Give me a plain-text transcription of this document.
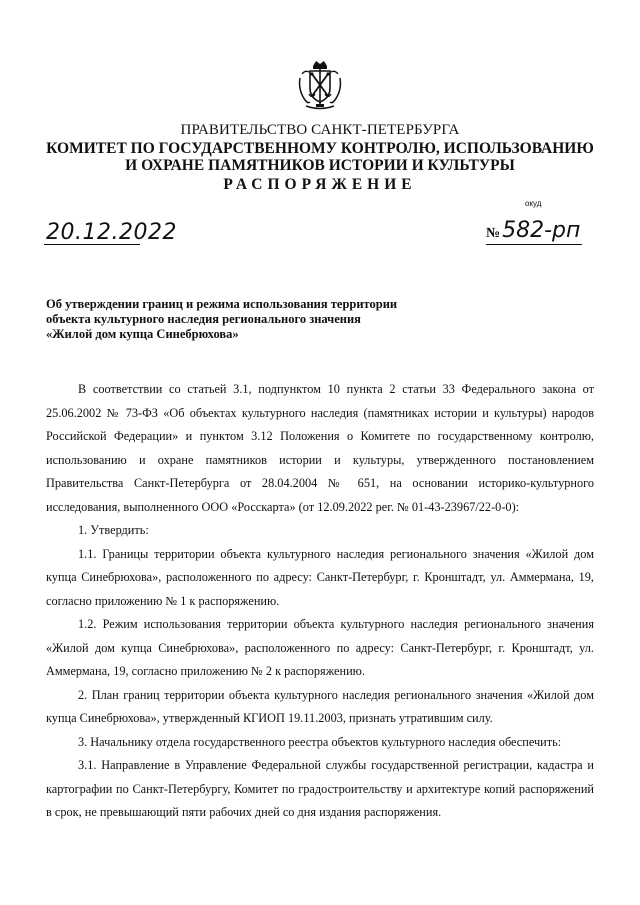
ПРАВИТЕЛЬСТВО САНКТ-ПЕТЕРБУРГА
КОМИТЕТ ПО ГОСУДАРСТВЕННОМУ КОНТРОЛЮ, ИСПОЛЬЗОВАНИЮ
И ОХРАНЕ ПАМЯТНИКОВ ИСТОРИИ И КУЛЬТУРЫ
РАСПОРЯЖЕНИЕ
окуд
20.12.2022	№582-рп
Об утверждении границ и режима использования территории
объекта культурного наследия регионального значения
«Жилой дом купца Синебрюхова»

В соответствии со статьей 3.1, подпунктом 10 пункта 2 статьи 33 Федерального закона от 25.06.2002 № 73-ФЗ «Об объектах культурного наследия (памятниках истории и культуры) народов Российской Федерации» и пунктом 3.12 Положения о Комитете по государственному контролю, использованию и охране памятников истории и культуры, утвержденного постановлением Правительства Санкт-Петербурга от 28.04.2004 № 651, на основании историко-культурного исследования, выполненного ООО «Росскарта» (от 12.09.2022 рег. № 01-43-23967/22-0-0):

1. Утвердить:

1.1. Границы территории объекта культурного наследия регионального значения «Жилой дом купца Синебрюхова», расположенного по адресу: Санкт-Петербург, г. Кронштадт, ул. Аммермана, 19, согласно приложению № 1 к распоряжению.

1.2. Режим использования территории объекта культурного наследия регионального значения «Жилой дом купца Синебрюхова», расположенного по адресу: Санкт-Петербург, г. Кронштадт, ул. Аммермана, 19, согласно приложению № 2 к распоряжению.

2. План границ территории объекта культурного наследия регионального значения «Жилой дом купца Синебрюхова», утвержденный КГИОП 19.11.2003, признать утратившим силу.

3. Начальнику отдела государственного реестра объектов культурного наследия обеспечить:

3.1. Направление в Управление Федеральной службы государственной регистрации, кадастра и картографии по Санкт-Петербургу, Комитет по градостроительству и архитектуре копий распоряжений в срок, не превышающий пяти рабочих дней со дня издания распоряжения.
